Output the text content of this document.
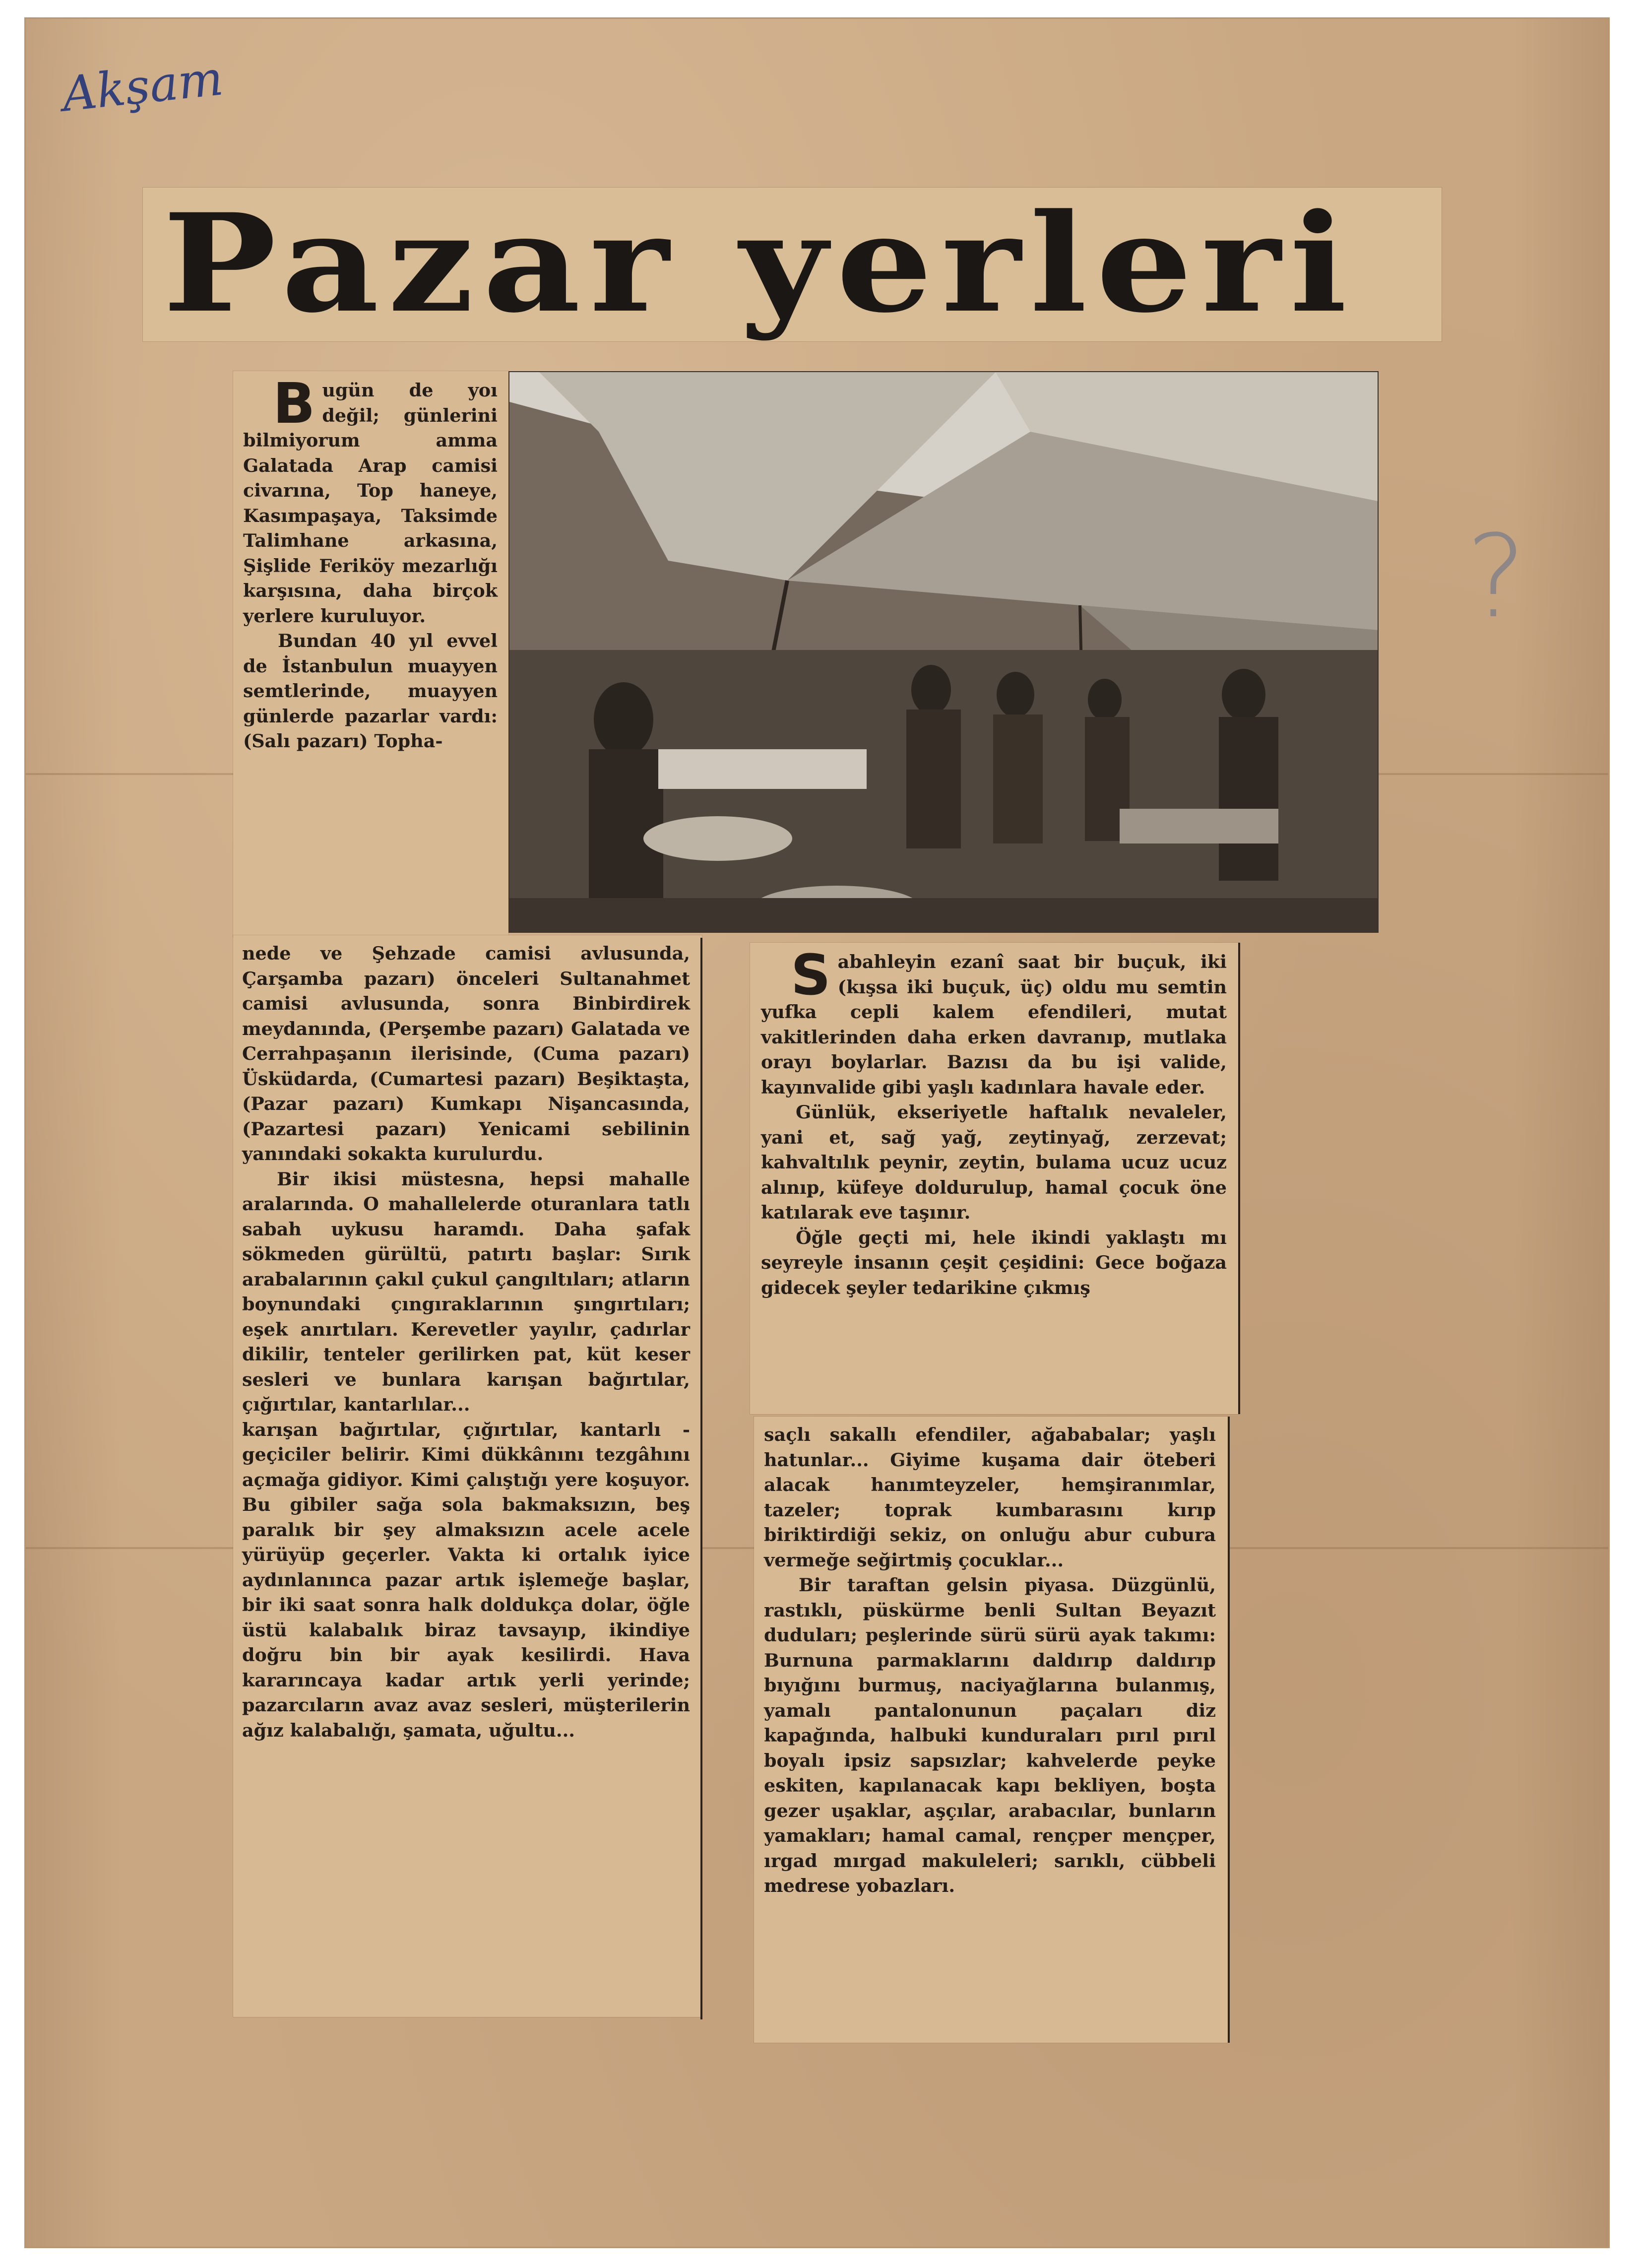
Akşam
?
Pazar yerleri
B ugün de yoı değil; günlerini bilmiyorum amma Galatada Arap camisi civarına, Top haneye, Kasımpaşaya, Taksimde Talimhane arkasına, Şişlide Feriköy mezarlığı karşısına, daha birçok yerlere kuruluyor.

Bundan 40 yıl evvel de İstanbulun muayyen semtlerinde, muayyen günlerde pazarlar vardı: (Salı pazarı) Topha-

nede ve Şehzade camisi avlusunda, Çarşamba pazarı) önceleri Sultanahmet camisi avlusunda, sonra Binbirdirek meydanında, (Perşembe pazarı) Galatada ve Cerrahpaşanın ilerisinde, (Cuma pazarı) Üsküdarda, (Cumartesi pazarı) Beşiktaşta, (Pazar pazarı) Kumkapı Nişancasında, (Pazartesi pazarı) Yenicami sebilinin yanındaki sokakta kurulurdu.

Bir ikisi müstesna, hepsi mahalle aralarında. O mahallelerde oturanlara tatlı sabah uykusu haramdı. Daha şafak sökmeden gürültü, patırtı başlar: Sırık arabalarının çakıl çukul çangıltıları; atların boynundaki çıngıraklarının şıngırtıları; eşek anırtıları. Kerevetler yayılır, çadırlar dikilir, tenteler gerilirken pat, küt keser sesleri ve bunlara karışan bağırtılar, çığırtılar, kantarlılar...

karışan bağırtılar, çığırtılar, kantarlı - geçiciler belirir. Kimi dükkânını tezgâhını açmağa gidiyor. Kimi çalıştığı yere koşuyor. Bu gibiler sağa sola bakmaksızın, beş paralık bir şey almaksızın acele acele yürüyüp geçerler. Vakta ki ortalık iyice aydınlanınca pazar artık işlemeğe başlar, bir iki saat sonra halk doldukça dolar, öğle üstü kalabalık biraz tavsayıp, ikindiye doğru bin bir ayak kesilirdi. Hava kararıncaya kadar artık yerli yerinde; pazarcıların avaz avaz sesleri, müşterilerin ağız kalabalığı, şamata, uğultu...

S abahleyin ezanî saat bir buçuk, iki (kışsa iki buçuk, üç) oldu mu semtin yufka cepli kalem efendileri, mutat vakitlerinden daha erken davranıp, mutlaka orayı boylarlar. Bazısı da bu işi valide, kayınvalide gibi yaşlı kadınlara havale eder.

Günlük, ekseriyetle haftalık nevaleler, yani et, sağ yağ, zeytinyağ, zerzevat; kahvaltılık peynir, zeytin, bulama ucuz ucuz alınıp, küfeye doldurulup, hamal çocuk öne katılarak eve taşınır.

Öğle geçti mi, hele ikindi yaklaştı mı seyreyle insanın çeşit çeşidini: Gece boğaza gidecek şeyler tedarikine çıkmış

saçlı sakallı efendiler, ağababalar; yaşlı hatunlar... Giyime kuşama dair öteberi alacak hanımteyzeler, hemşiranımlar, tazeler; toprak kumbarasını kırıp biriktirdiği sekiz, on onluğu abur cubura vermeğe seğirtmiş çocuklar...

Bir taraftan gelsin piyasa. Düzgünlü, rastıklı, püskürme benli Sultan Beyazıt duduları; peşlerinde sürü sürü ayak takımı: Burnuna parmaklarını daldırıp daldırıp bıyığını burmuş, naciyağlarına bulanmış, yamalı pantalonunun paçaları diz kapağında, halbuki kunduraları pırıl pırıl boyalı ipsiz sapsızlar; kahvelerde peyke eskiten, kapılanacak kapı bekliyen, boşta gezer uşaklar, aşçılar, arabacılar, bunların yamakları; hamal camal, rençper mençper, ırgad mırgad makuleleri; sarıklı, cübbeli medrese yobazları.
